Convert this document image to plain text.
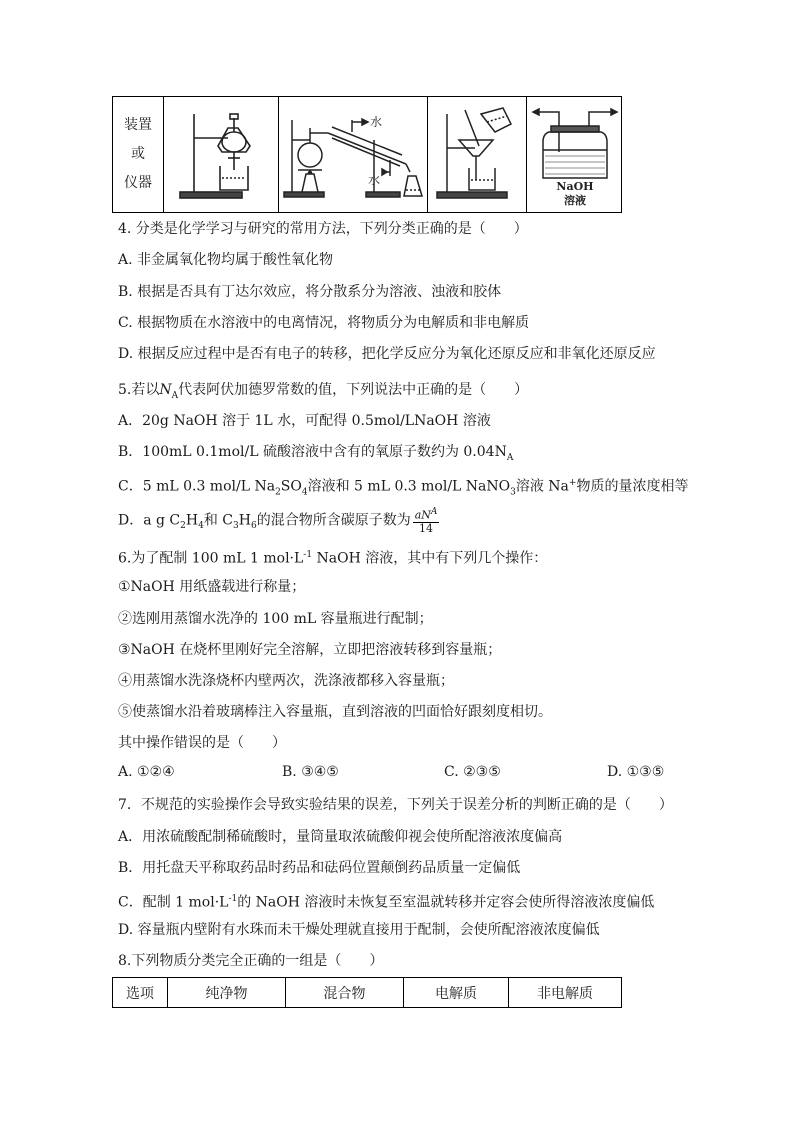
装置
或
仪器

水
水		NaOH
溶液
4. 分类是化学学习与研究的常用方法，下列分类正确的是（　　）
A. 非金属氧化物均属于酸性氧化物
B. 根据是否具有丁达尔效应，将分散系分为溶液、浊液和胶体
C. 根据物质在水溶液中的电离情况，将物质分为电解质和非电解质
D. 根据反应过程中是否有电子的转移，把化学反应分为氧化还原反应和非氧化还原反应
5.若以$N_A$代表阿伏加德罗常数的值，下列说法中正确的是（　　）
A．20g NaOH 溶于 1L 水，可配得 0.5mol/LNaOH 溶液
B．100mL 0.1mol/L 硫酸溶液中含有的氧原子数约为 $0.04N_A$
C．5 mL 0.3 mol/L $Na_2SO_4$溶液和 5 mL 0.3 mol/L NaNO$_3$溶液 Na+物质的量浓度相等
D．a g $C_2H_4$和 $C_3H_6$的混合物所含碳原子数为 $\frac{aN^A}{14}$
6.为了配制 100 mL 1 $mol\cdot L^{-1}$ NaOH 溶液，其中有下列几个操作：
①NaOH 用纸盛载进行称量；
②选刚用蒸馏水洗净的 100 mL 容量瓶进行配制；
③NaOH 在烧杯里刚好完全溶解，立即把溶液转移到容量瓶；
④用蒸馏水洗涤烧杯内壁两次，洗涤液都移入容量瓶；
⑤使蒸馏水沿着玻璃棒注入容量瓶，直到溶液的凹面恰好跟刻度相切。
其中操作错误的是（　　）
A. ①②④	B. ③④⑤	C. ②③⑤	D. ①③⑤
7．不规范的实验操作会导致实验结果的误差，下列关于误差分析的判断正确的是（　　）
A．用浓硫酸配制稀硫酸时，量筒量取浓硫酸仰视会使所配溶液浓度偏高
B．用托盘天平称取药品时药品和砝码位置颠倒药品质量一定偏低
C．配制 1 $mol\cdot L^{-1}$的 NaOH 溶液时未恢复至室温就转移并定容会使所得溶液浓度偏低
D. 容量瓶内壁附有水珠而未干燥处理就直接用于配制，会使所配溶液浓度偏低
8.下列物质分类完全正确的一组是（　　）
选项	纯净物	混合物	电解质	非电解质
